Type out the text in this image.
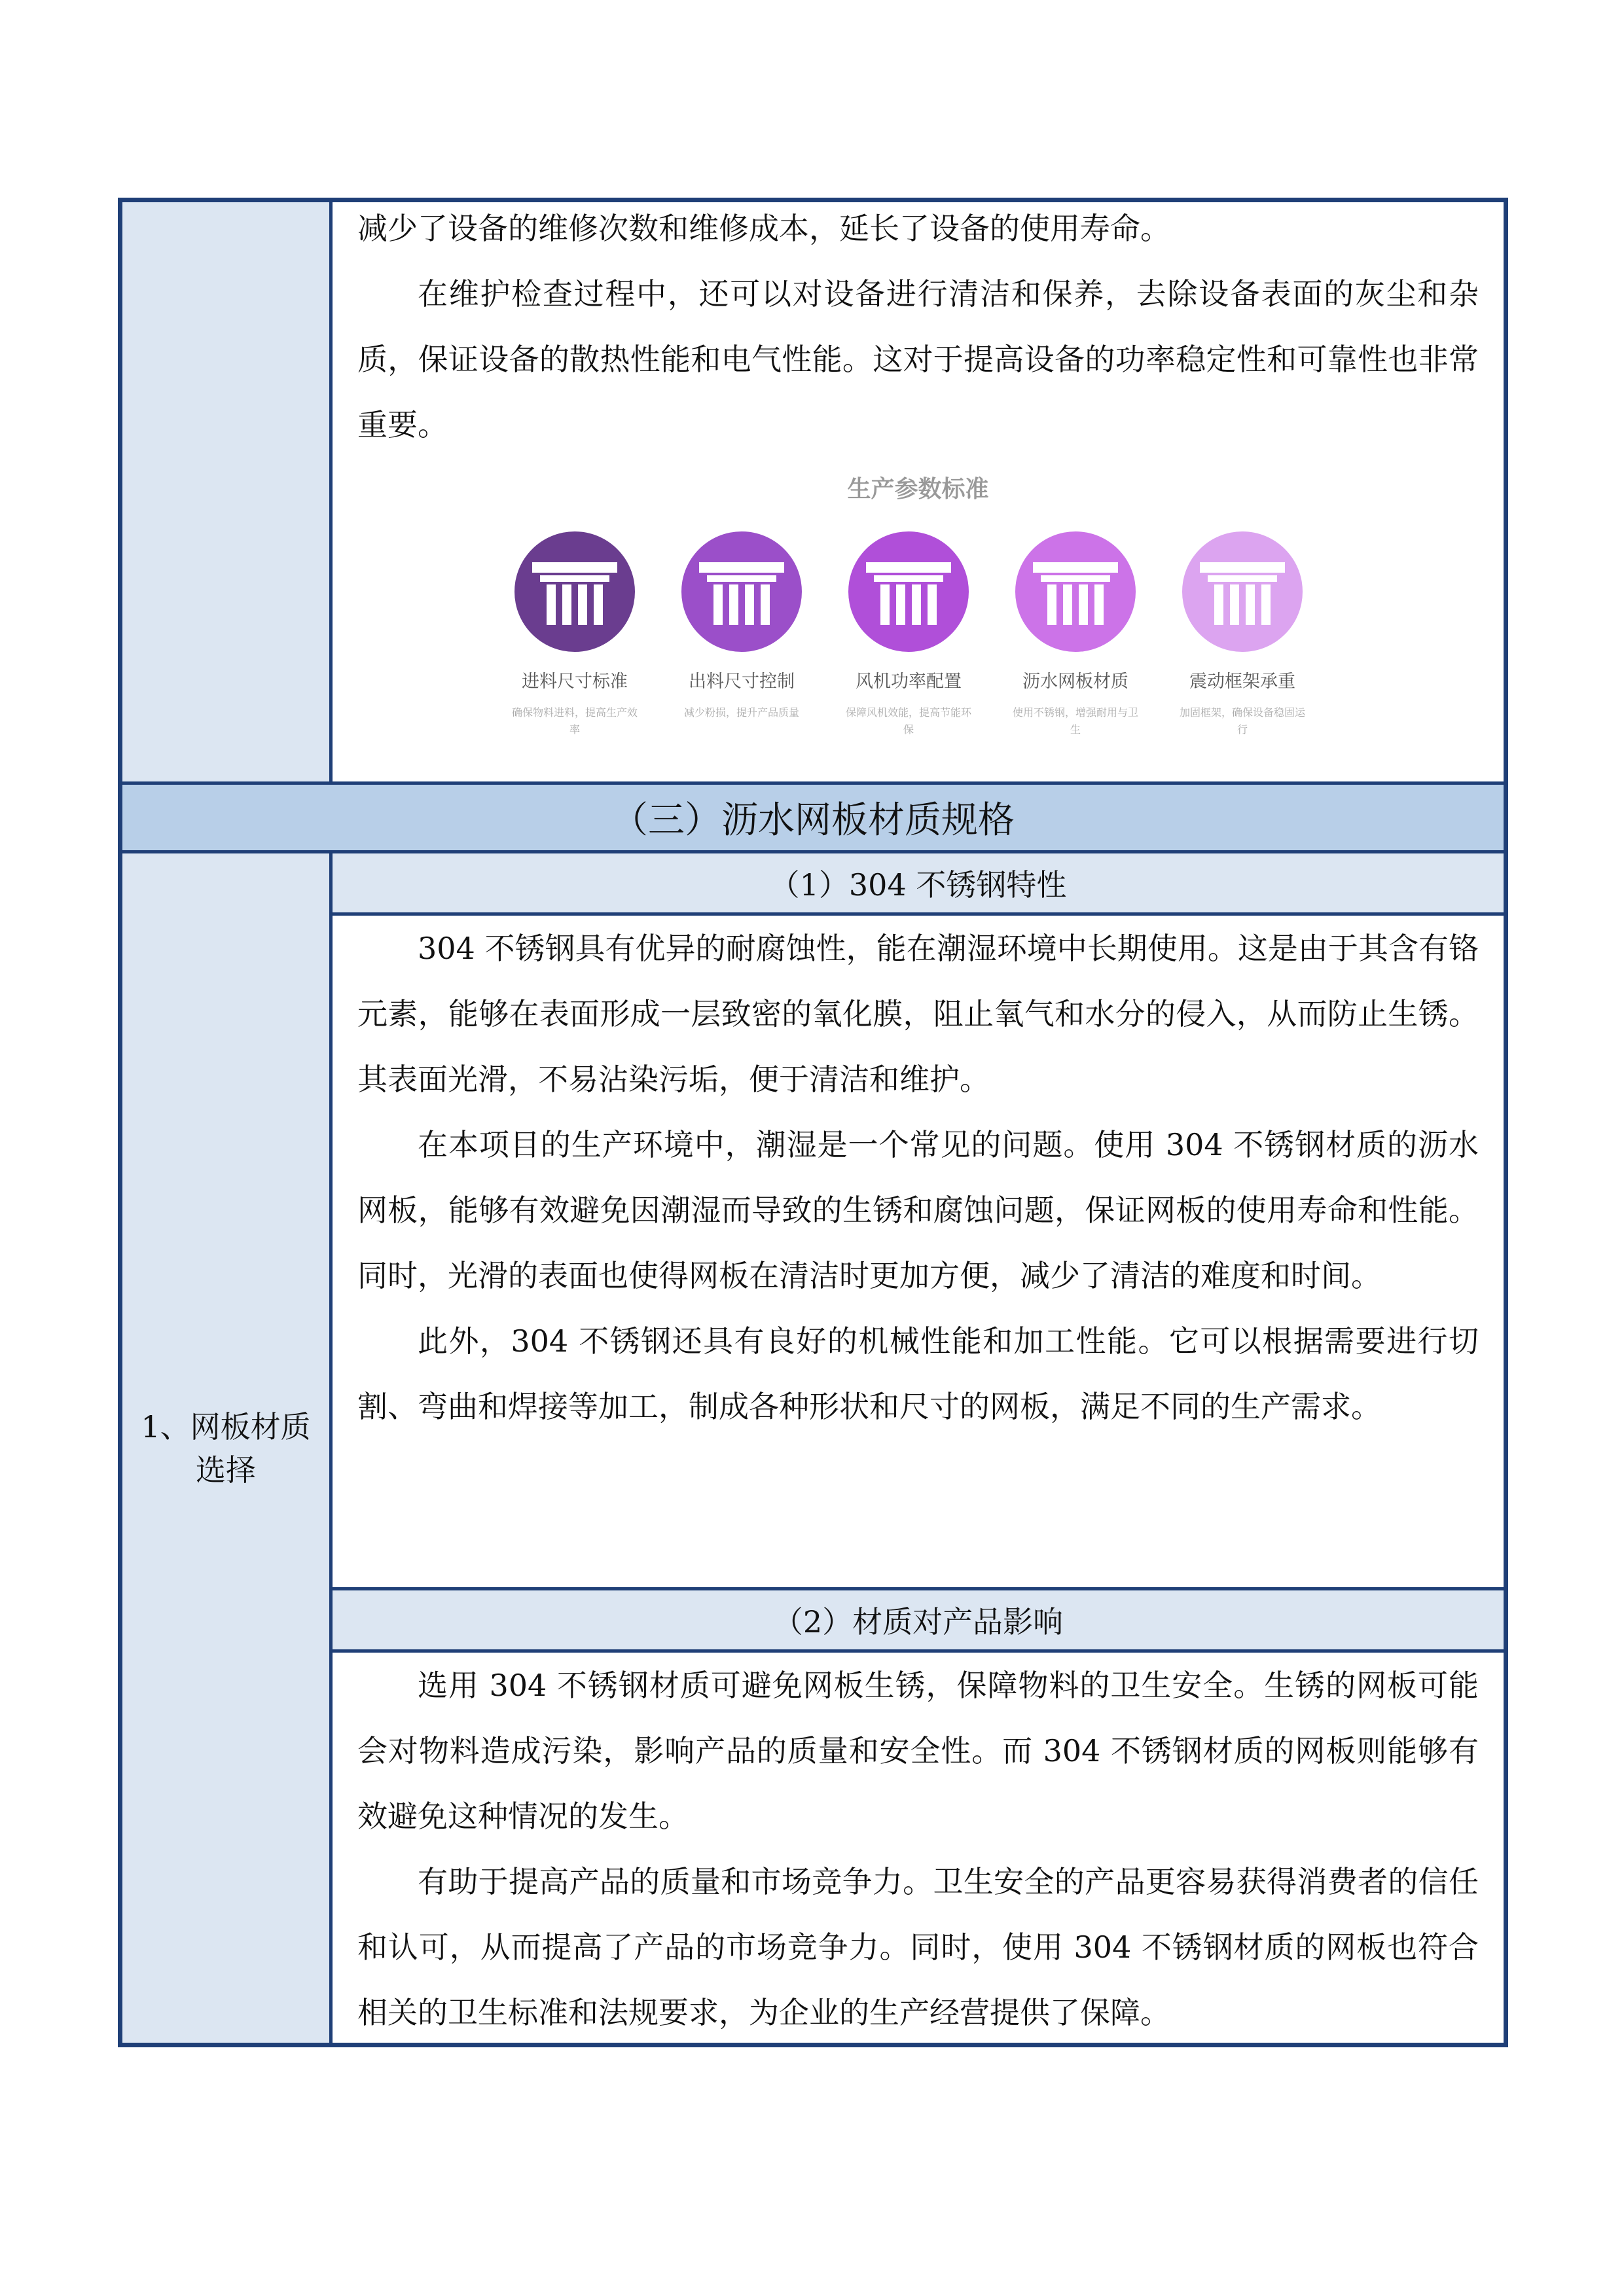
减少了设备的维修次数和维修成本，延长了设备的使用寿命。

在维护检查过程中，还可以对设备进行清洁和保养，去除设备表面的灰尘和杂质，保证设备的散热性能和电气性能。这对于提高设备的功率稳定性和可靠性也非常重要。

生产参数标准
进料尺寸标准
确保物料进料，提高生产效率
出料尺寸控制
减少粉损，提升产品质量
风机功率配置
保障风机效能，提高节能环保
沥水网板材质
使用不锈钢，增强耐用与卫生
震动框架承重
加固框架，确保设备稳固运行
（三）沥水网板材质规格
1、网板材质选择
（1）304 不锈钢特性

304 不锈钢具有优异的耐腐蚀性，能在潮湿环境中长期使用。这是由于其含有铬元素，能够在表面形成一层致密的氧化膜，阻止氧气和水分的侵入，从而防止生锈。其表面光滑，不易沾染污垢，便于清洁和维护。

在本项目的生产环境中，潮湿是一个常见的问题。使用 304 不锈钢材质的沥水网板，能够有效避免因潮湿而导致的生锈和腐蚀问题，保证网板的使用寿命和性能。同时，光滑的表面也使得网板在清洁时更加方便，减少了清洁的难度和时间。

此外，304 不锈钢还具有良好的机械性能和加工性能。它可以根据需要进行切割、弯曲和焊接等加工，制成各种形状和尺寸的网板，满足不同的生产需求。

（2）材质对产品影响

选用 304 不锈钢材质可避免网板生锈，保障物料的卫生安全。生锈的网板可能会对物料造成污染，影响产品的质量和安全性。而 304 不锈钢材质的网板则能够有效避免这种情况的发生。

有助于提高产品的质量和市场竞争力。卫生安全的产品更容易获得消费者的信任和认可，从而提高了产品的市场竞争力。同时，使用 304 不锈钢材质的网板也符合相关的卫生标准和法规要求，为企业的生产经营提供了保障。
